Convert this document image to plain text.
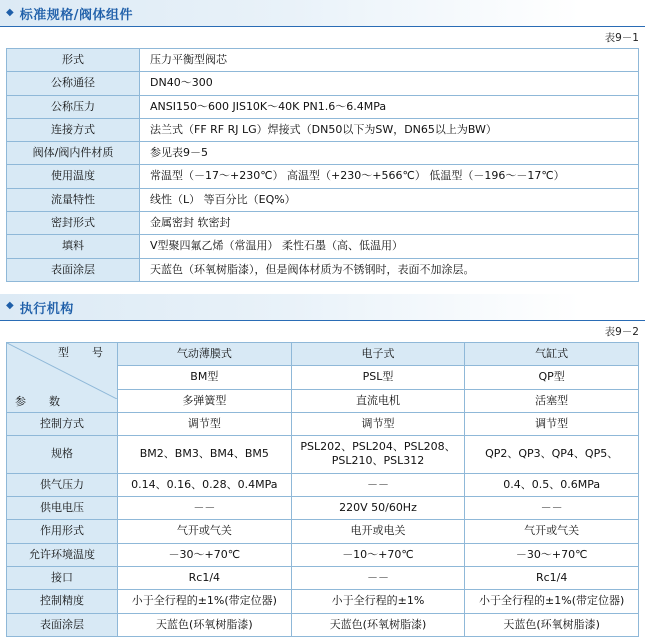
◆ 标准规格/阀体组件
表9－1
形式	压力平衡型阀芯
公称通径	DN40～300
公称压力	ANSI150～600 JIS10K～40K PN1.6～6.4MPa
连接方式	法兰式（FF RF RJ LG）焊接式（DN50以下为SW，DN65以上为BW）
阀体/阀内件材质	参见表9－5
使用温度	常温型（－17～+230℃） 高温型（+230～+566℃） 低温型（－196～－17℃）
流量特性	线性（L） 等百分比（EQ%）
密封形式	金属密封 软密封
填料	V型聚四氟乙烯（常温用） 柔性石墨（高、低温用）
表面涂层	天蓝色（环氧树脂漆），但是阀体材质为不锈钢时，表面不加涂层。
◆ 执行机构
表9－2
型　号
参　数	气动薄膜式	电子式	气缸式
	BM型	PSL型	QP型
	多弹簧型	直流电机	活塞型
控制方式	调节型	调节型	调节型
规格	BM2、BM3、BM4、BM5	PSL202、PSL204、PSL208、PSL210、PSL312	QP2、QP3、QP4、QP5、
供气压力	0.14、0.16、0.28、0.4MPa	－－	0.4、0.5、0.6MPa
供电电压	－－	220V 50/60Hz	－－
作用形式	气开或气关	电开或电关	气开或气关
允许环境温度	－30～+70℃	－10～+70℃	－30～+70℃
接口	Rc1/4	－－	Rc1/4
控制精度	小于全行程的±1%(带定位器)	小于全行程的±1%	小于全行程的±1%(带定位器)
表面涂层	天蓝色(环氧树脂漆)	天蓝色(环氧树脂漆)	天蓝色(环氧树脂漆)
